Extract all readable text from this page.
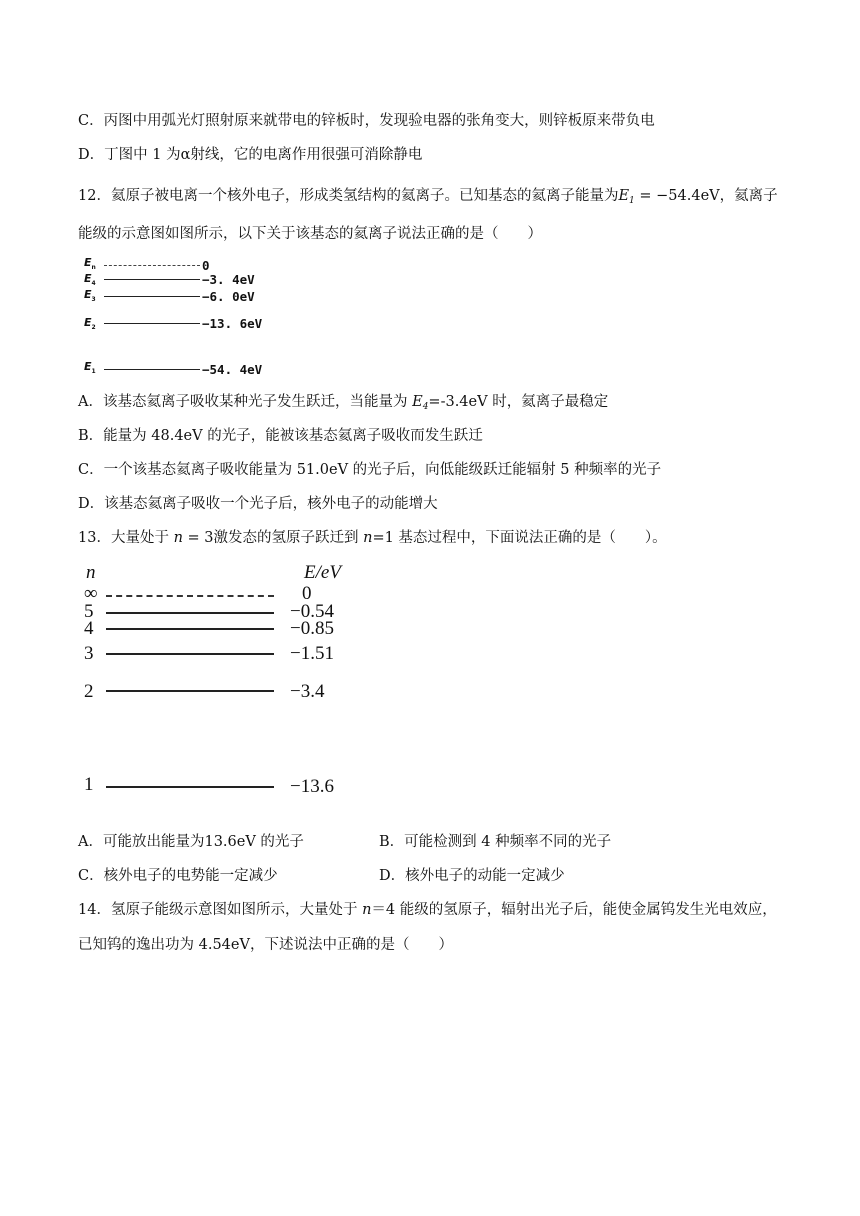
C．丙图中用弧光灯照射原来就带电的锌板时，发现验电器的张角变大，则锌板原来带负电
D．丁图中 1 为α射线，它的电离作用很强可消除静电
12．氦原子被电离一个核外电子，形成类氢结构的氦离子。已知基态的氦离子能量为$E_1 = -54.4eV$，氦离子
能级的示意图如图所示，以下关于该基态的氦离子说法正确的是（　　）
$E_n$	0
$E_4$	−3. 4eV
$E_3$	−6. 0eV
$E_2$	−13. 6eV
$E_1$	−54. 4eV
A．该基态氦离子吸收某种光子发生跃迁，当能量为 $E_4=-3.4eV$ 时，氦离子最稳定
B．能量为 48.4eV 的光子，能被该基态氦离子吸收而发生跃迁
C．一个该基态氦离子吸收能量为 51.0eV 的光子后，向低能级跃迁能辐射 5 种频率的光子
D．该基态氦离子吸收一个光子后，核外电子的动能增大
13．大量处于 n = 3激发态的氢原子跃迁到 n=1 基态过程中，下面说法正确的是（　　）。
n	E/eV
∞	0
5	−0.54
4	−0.85
3	−1.51
2	−3.4
1	−13.6
A．可能放出能量为13.6eV 的光子	B．可能检测到 4 种频率不同的光子
C．核外电子的电势能一定减少	D．核外电子的动能一定减少
14．氢原子能级示意图如图所示，大量处于 n＝4 能级的氢原子，辐射出光子后，能使金属钨发生光电效应，
已知钨的逸出功为 4.54eV，下述说法中正确的是（　　）
